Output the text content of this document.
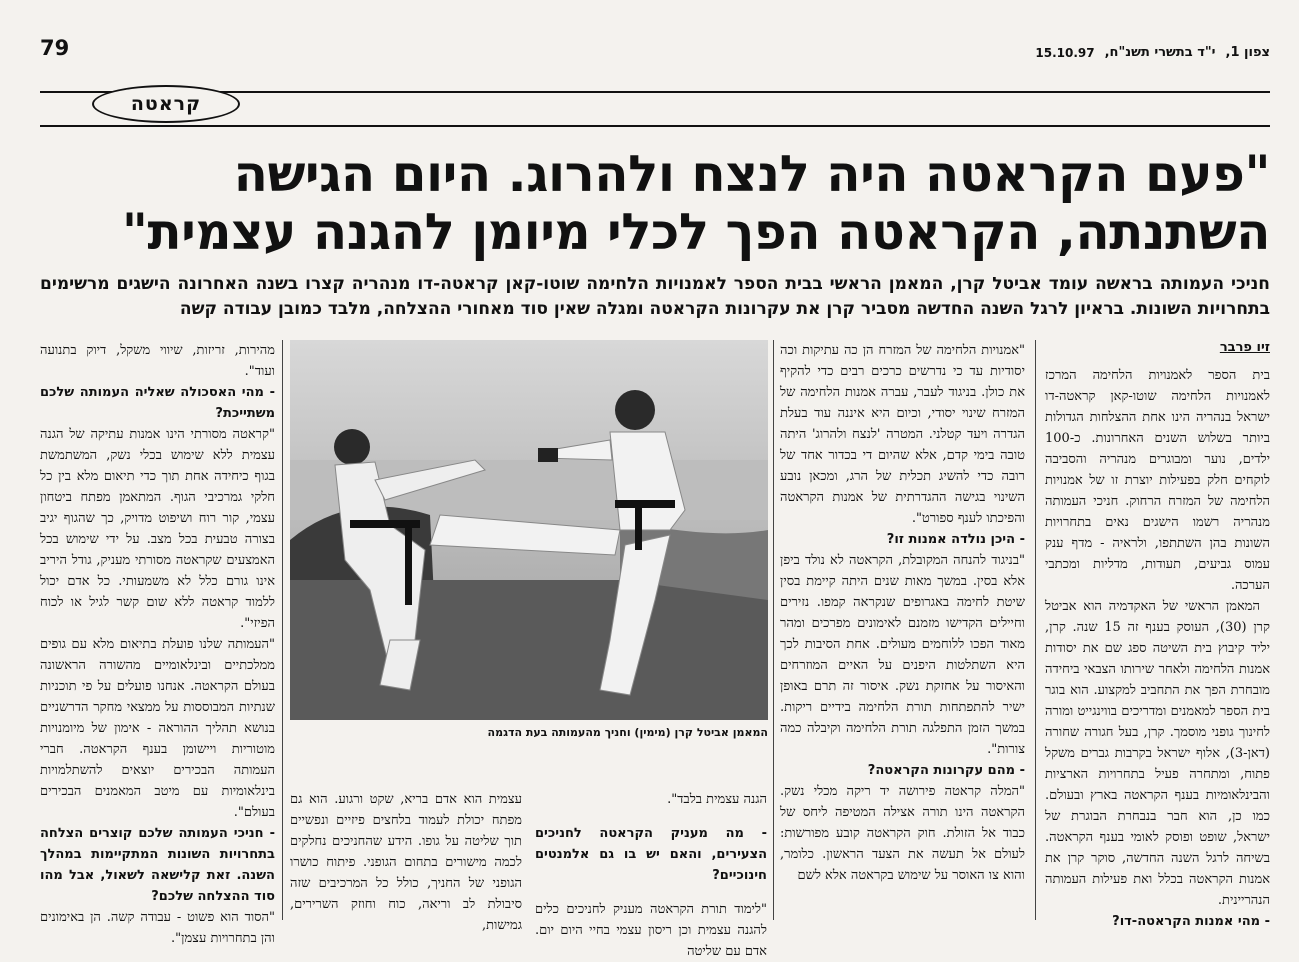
79	15.10.97 י"ד בתשרי תשנ"ח, צפון 1,
קראטה
"פעם הקראטה היה לנצח ולהרוג. היום הגישה
השתנתה, הקראטה הפך לכלי מיומן להגנה עצמית"
חניכי העמותה בראשה עומד אביטל קרן, המאמן הראשי בבית הספר לאמנויות הלחימה שוטו-קאן קראטה-דו מנהריה קצרו בשנה האחרונה הישגים מרשימים בתחרויות השונות. בראיון לרגל השנה החדשה מסביר קרן את עקרונות הקראטה ומגלה שאין סוד מאחורי ההצלחה, מלבד כמובן עבודה קשה
זיו פרבר

בית הספר לאמנויות הלחימה המרכז לאמנויות הלחימה שוטו-קאן קראטה-דו ישראל בנהריה הינו אחת ההצלחות הגדולות ביותר בשלוש השנים האחרונות. כ-100 ילדים, נוער ומבוגרים מנהריה והסביבה לוקחים חלק בפעילות יוצרת זו של אמנויות הלחימה של המזרח הרחוק. חניכי העמותה מנהריה רשמו הישגים נאים בתחרויות השונות בהן השתתפו, ולראיה - מדף ענק עמוס גביעים, תעודות, מדליות ומכתבי הערכה.

המאמן הראשי של האקדמיה הוא אביטל קרן (30), העוסק בענף זה 15 שנה. קרן, יליד קיבוץ בית השיטה ספג שם את יסודות אמנות הלחימה ולאחר שירותו הצבאי ביחידה מובחרת הפך את התחביב למקצוע. הוא בוגר בית הספר למאמנים ומדריכים בווינגייט ומורה לחינוך גופני מוסמך. קרן, בעל חגורה שחורה (דאן-3), אלוף ישראל בקרבות גברים משקל פתוח, ומתחרה פעיל בתחרויות הארציות והבינלאומיות בענף הקראטה בארץ ובעולם. כמו כן, הוא חבר בנבחרת הבוגרת של ישראל, שופט ופוסק לאומי בענף הקראטה. בשיחה לרגל השנה החדשה, סוקר קרן את אמנות הקראטה בכלל ואת פעילות העמותה הנהריינית.

- מהי אמנות הקראטה-דו?

"אמנויות הלחימה של המזרח הן כה עתיקות וכה יסודיות עד כי נדרשים כרכים רבים כדי להקיף את כולן. בניגוד לעבר, עברה אמנות הלחימה של המזרח שינוי יסודי, וכיום היא איננה עוד בעלת הגדרה ויעד קטלני. המטרה 'לנצח ולהרוג' היתה טובה בימי קדם, אלא שהיום די בכדור אחד של רובה כדי להשיג תכלית של הרג, ומכאן נובע השינוי בגישה ההגדרתית של אמנות הקראטה והפיכתו לענף ספורט".

- היכן נולדה אמנות זו?

"בניגוד להנחה המקובלת, הקראטה לא נולד ביפן אלא בסין. במשך מאות שנים היתה קיימת בסין שיטת לחימה באגרופים שנקראה קמפו. נזירים וחיילים הקדישו מזמנם לאימונים מפרכים ומהר מאוד הפכו ללוחמים מעולים. אחת הסיבות לכך היא השתלטות היפנים על האיים המוזרחים והאיסור על אחזקת נשק. איסור זה תרם באופן ישיר להתפתחות תורת הלחימה בידיים ריקות. במשך הזמן התפלגה תורת הלחימה וקיבלה כמה צורות".

- מהם עקרונות הקראטה?

"המלה קראטה פירושה יד ריקה מכלי נשק. הקראטה הינו תורה אצילה המטיפה ליחס של כבוד אל הזולת. חוק הקראטה קובע מפורשות: לעולם אל תעשה את הצעד הראשון. כלומר, והוא צו האוסר על שימוש בקראטה אלא לשם

המאמן אביטל קרן (מימין) וחניך מהעמותה בעת הדגמה

הגנה עצמית בלבד".

- מה מעניק הקראטה לחניכים הצעירים, והאם יש בו גם אלמנטים חינוכיים?

"לימוד תורת הקראטה מעניק לחניכים כלים להגנה עצמית וכן ריסון עצמי בחיי היום יום. אדם עם שליטה

עצמית הוא אדם בריא, שקט ורגוע. הוא גם מפתח יכולת לעמוד בלחצים פיזיים ונפשיים תוך שליטה על גופו. הידע שהחניכים נחלקים לכמה מישורים בתחום הגופני. פיתוח כושרו הגופני של החניך, כולל כל המרכיבים שזה סיבולת לב וריאה, כוח וחוזק השרירים, גמישות,

מהירות, זריזות, שיווי משקל, דיוק בתנועה ועוד".

- מהי האסכולה שאליה העמותה שלכם משתייכת?

"קראטה מסורתי הינו אמנות עתיקה של הגנה עצמית ללא שימוש בכלי נשק, המשתמשת בגוף כיחידה אחת תוך כדי תיאום מלא בין כל חלקי גמרכיבי הגוף. המתאמן מפתח ביטחון עצמי, קור רוח ושיפוט מדויק, כך שהגוף יגיב בצורה טבעית בכל מצב. על ידי שימוש בכל האמצעים שקראטה מסורתי מעניק, גודל היריב אינו גורם כלל לא משמעותי. כל אדם יכול ללמוד קראטה ללא שום קשר לגיל או לכוח הפיזי".

"העמותה שלנו פועלת בתיאום מלא עם גופים ממלכתיים ובינלאומיים מהשורה הראשונה בעולם הקראטה. אנחנו פועלים על פי תוכניות שנתיות המבוססות על ממצאי מחקר הדרשניים בנושא תהליך ההוראה - אימון של מיומנויות מוטוריות ויישומן בענף הקראטה. חברי העמותה הבכירים יוצאים להשתלמויות בינלאומיות עם מיטב המאמנים הבכירים בעולם".

- חניכי העמותה שלכם קוצרים הצלחה בתחרויות השונות המתקיימות במהלך השנה. זאת קלישאה לשאול, אבל מהו סוד ההצלחה שלכם?

"הסוד הוא פשוט - עבודה קשה. הן באימונים והן בתחרויות עצמן".
